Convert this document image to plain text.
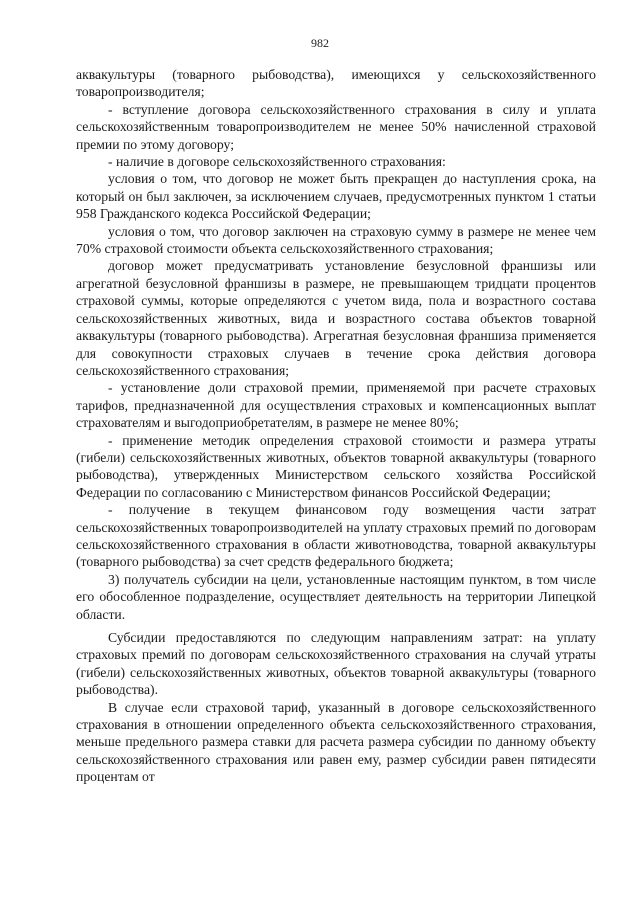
982

аквакультуры (товарного рыбоводства), имеющихся у сельскохозяйственного товаропроизводителя;

- вступление договора сельскохозяйственного страхования в силу и уплата сельскохозяйственным товаропроизводителем не менее 50% начисленной страховой премии по этому договору;

- наличие в договоре сельскохозяйственного страхования:

условия о том, что договор не может быть прекращен до наступления срока, на который он был заключен, за исключением случаев, предусмотренных пунктом 1 статьи 958 Гражданского кодекса Российской Федерации;

условия о том, что договор заключен на страховую сумму в размере не менее чем 70% страховой стоимости объекта сельскохозяйственного страхования;

договор может предусматривать установление безусловной франшизы или агрегатной безусловной франшизы в размере, не превышающем тридцати процентов страховой суммы, которые определяются с учетом вида, пола и возрастного состава сельскохозяйственных животных, вида и возрастного состава объектов товарной аквакультуры (товарного рыбоводства). Агрегатная безусловная франшиза применяется для совокупности страховых случаев в течение срока действия договора сельскохозяйственного страхования;

- установление доли страховой премии, применяемой при расчете страховых тарифов, предназначенной для осуществления страховых и компенсационных выплат страхователям и выгодоприобретателям, в размере не менее 80%;

- применение методик определения страховой стоимости и размера утраты (гибели) сельскохозяйственных животных, объектов товарной аквакультуры (товарного рыбоводства), утвержденных Министерством сельского хозяйства Российской Федерации по согласованию с Министерством финансов Российской Федерации;

- получение в текущем финансовом году возмещения части затрат сельскохозяйственных товаропроизводителей на уплату страховых премий по договорам сельскохозяйственного страхования в области животноводства, товарной аквакультуры (товарного рыбоводства) за счет средств федерального бюджета;

3) получатель субсидии на цели, установленные настоящим пунктом, в том числе его обособленное подразделение, осуществляет деятельность на территории Липецкой области.

Субсидии предоставляются по следующим направлениям затрат: на уплату страховых премий по договорам сельскохозяйственного страхования на случай утраты (гибели) сельскохозяйственных животных, объектов товарной аквакультуры (товарного рыбоводства).

В случае если страховой тариф, указанный в договоре сельскохозяйственного страхования в отношении определенного объекта сельскохозяйственного страхования, меньше предельного размера ставки для расчета размера субсидии по данному объекту сельскохозяйственного страхования или равен ему, размер субсидии равен пятидесяти процентам от
